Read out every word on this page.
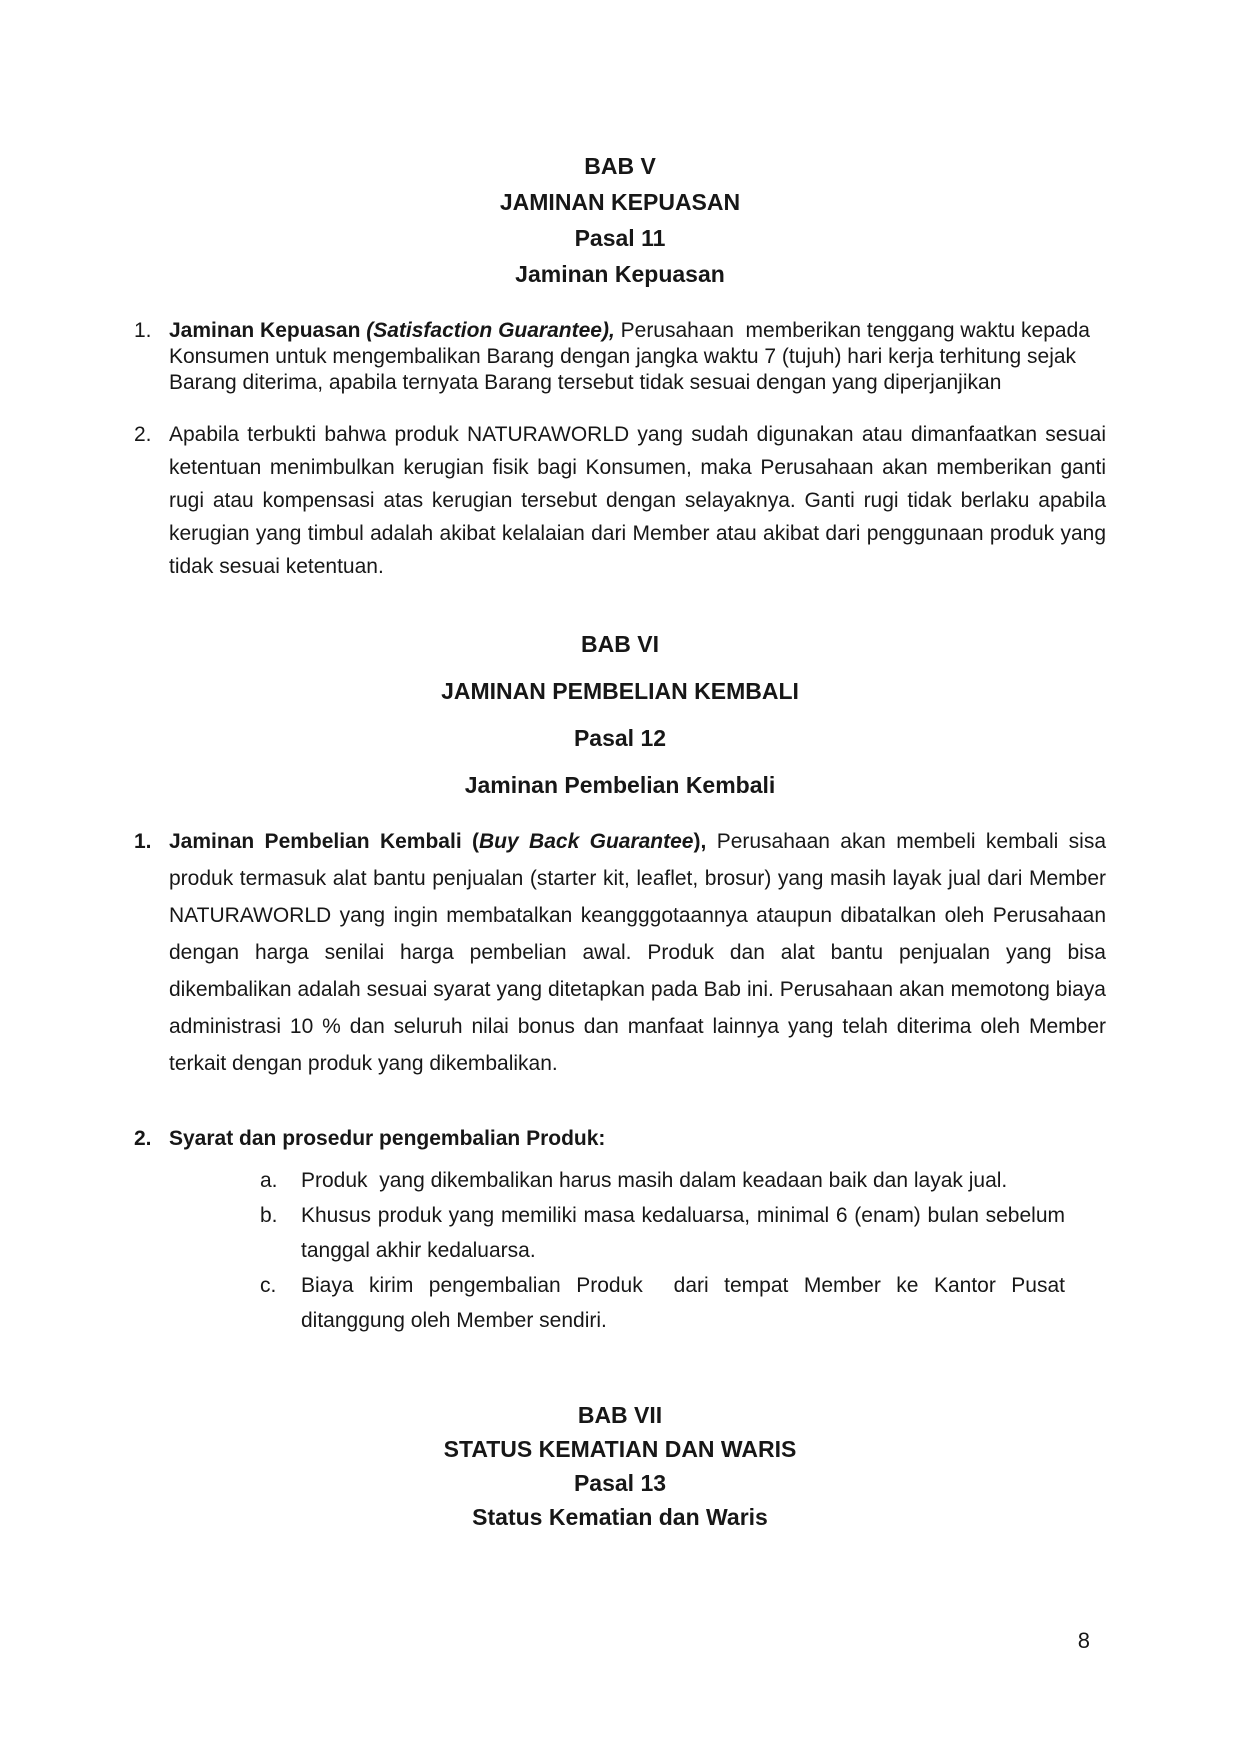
BAB V
JAMINAN KEPUASAN
Pasal 11
Jaminan Kepuasan
1. Jaminan Kepuasan (Satisfaction Guarantee), Perusahaan  memberikan tenggang waktu kepada Konsumen untuk mengembalikan Barang dengan jangka waktu 7 (tujuh) hari kerja terhitung sejak Barang diterima, apabila ternyata Barang tersebut tidak sesuai dengan yang diperjanjikan
2. Apabila terbukti bahwa produk NATURAWORLD yang sudah digunakan atau dimanfaatkan sesuai ketentuan menimbulkan kerugian fisik bagi Konsumen, maka Perusahaan akan memberikan ganti rugi atau kompensasi atas kerugian tersebut dengan selayaknya. Ganti rugi tidak berlaku apabila kerugian yang timbul adalah akibat kelalaian dari Member atau akibat dari penggunaan produk yang tidak sesuai ketentuan.
BAB VI
JAMINAN PEMBELIAN KEMBALI
Pasal 12
Jaminan Pembelian Kembali
1. Jaminan Pembelian Kembali (Buy Back Guarantee), Perusahaan akan membeli kembali sisa produk termasuk alat bantu penjualan (starter kit, leaflet, brosur) yang masih layak jual dari Member NATURAWORLD yang ingin membatalkan keangggotaannya ataupun dibatalkan oleh Perusahaan dengan harga senilai harga pembelian awal. Produk dan alat bantu penjualan yang bisa dikembalikan adalah sesuai syarat yang ditetapkan pada Bab ini. Perusahaan akan memotong biaya administrasi 10 % dan seluruh nilai bonus dan manfaat lainnya yang telah diterima oleh Member terkait dengan produk yang dikembalikan.
2. Syarat dan prosedur pengembalian Produk:
a.	Produk  yang dikembalikan harus masih dalam keadaan baik dan layak jual.
b.	Khusus produk yang memiliki masa kedaluarsa, minimal 6 (enam) bulan sebelum tanggal akhir kedaluarsa.
c.	Biaya kirim pengembalian Produk  dari tempat Member ke Kantor Pusat ditanggung oleh Member sendiri.
BAB VII
STATUS KEMATIAN DAN WARIS
Pasal 13
Status Kematian dan Waris
8
